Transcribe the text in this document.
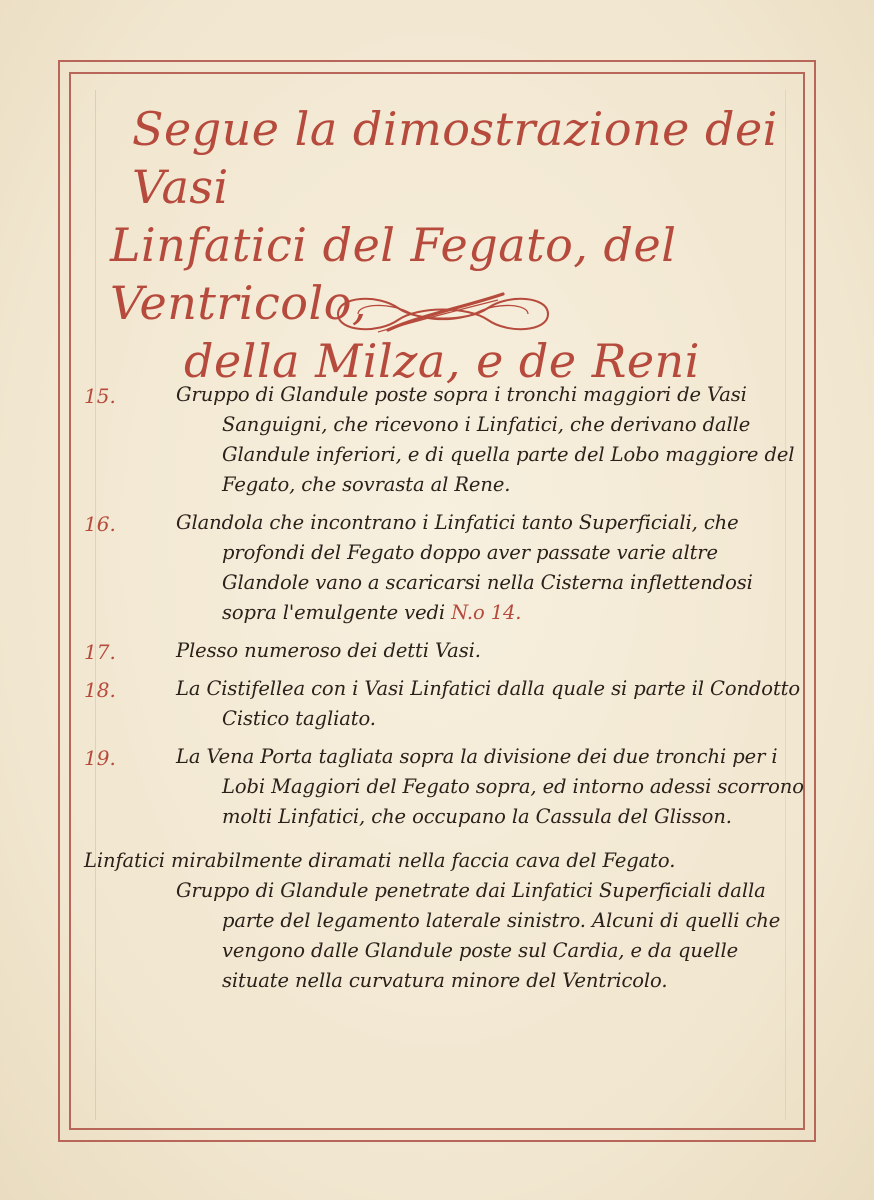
Segue la dimostrazione dei Vasi
Linfatici del Fegato, del Ventricolo,
della Milza, e de Reni
15.	Gruppo di Glandule poste sopra i tronchi maggiori de Vasi Sanguigni, che ricevono i Linfatici, che derivano dalle Glandule inferiori, e di quella parte del Lobo maggiore del Fegato, che sovrasta al Rene.
16.	Glandola che incontrano i Linfatici tanto Superficiali, che profondi del Fegato doppo aver passate varie altre Glandole vano a scaricarsi nella Cisterna inflettendosi sopra l'emulgente vedi N.o 14.
17.	Plesso numeroso dei detti Vasi.
18.	La Cistifellea con i Vasi Linfatici dalla quale si parte il Condotto Cistico tagliato.
19.	La Vena Porta tagliata sopra la divisione dei due tronchi per i Lobi Maggiori del Fegato sopra, ed intorno adessi scorrono molti Linfatici, che occupano la Cassula del Glisson.
Linfatici mirabilmente diramati nella faccia cava del Fegato.
Gruppo di Glandule penetrate dai Linfatici Superficiali dalla parte del legamento laterale sinistro. Alcuni di quelli che vengono dalle Glandule poste sul Cardia, e da quelle situate nella curvatura minore del Ventricolo.
